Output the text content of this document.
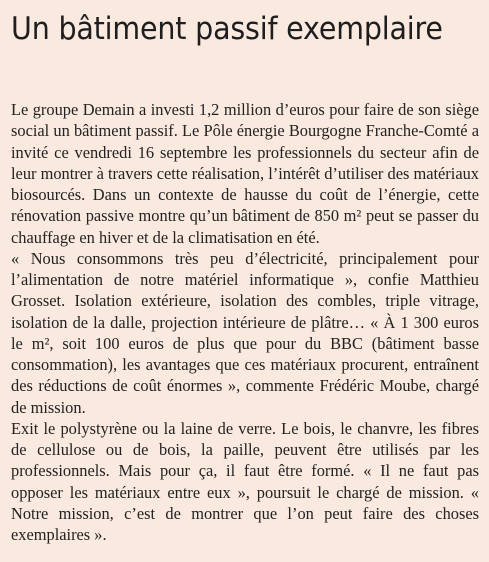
Un bâtiment passif exemplaire

Le groupe Demain a investi 1,2 million d’euros pour faire de son siège social un bâtiment passif. Le Pôle énergie Bourgogne Franche-Comté a invité ce vendredi 16 septembre les professionnels du secteur afin de leur montrer à travers cette réalisation, l’intérêt d’utiliser des matériaux biosourcés. Dans un contexte de hausse du coût de l’énergie, cette rénovation passive montre qu’un bâtiment de 850 m² peut se passer du chauffage en hiver et de la climatisation en été.

« Nous consommons très peu d’électricité, principalement pour l’alimentation de notre matériel informatique », confie Matthieu Grosset. Isolation extérieure, isolation des combles, triple vitrage, isolation de la dalle, projection intérieure de plâtre… « À 1 300 euros le m², soit 100 euros de plus que pour du BBC (bâtiment basse consommation), les avantages que ces matériaux procurent, entraînent des réductions de coût énormes », commente Frédéric Moube, chargé de mission.

Exit le polystyrène ou la laine de verre. Le bois, le chanvre, les fibres de cellulose ou de bois, la paille, peuvent être utilisés par les professionnels. Mais pour ça, il faut être formé. « Il ne faut pas opposer les matériaux entre eux », poursuit le chargé de mission. « Notre mission, c’est de montrer que l’on peut faire des choses exemplaires ».
